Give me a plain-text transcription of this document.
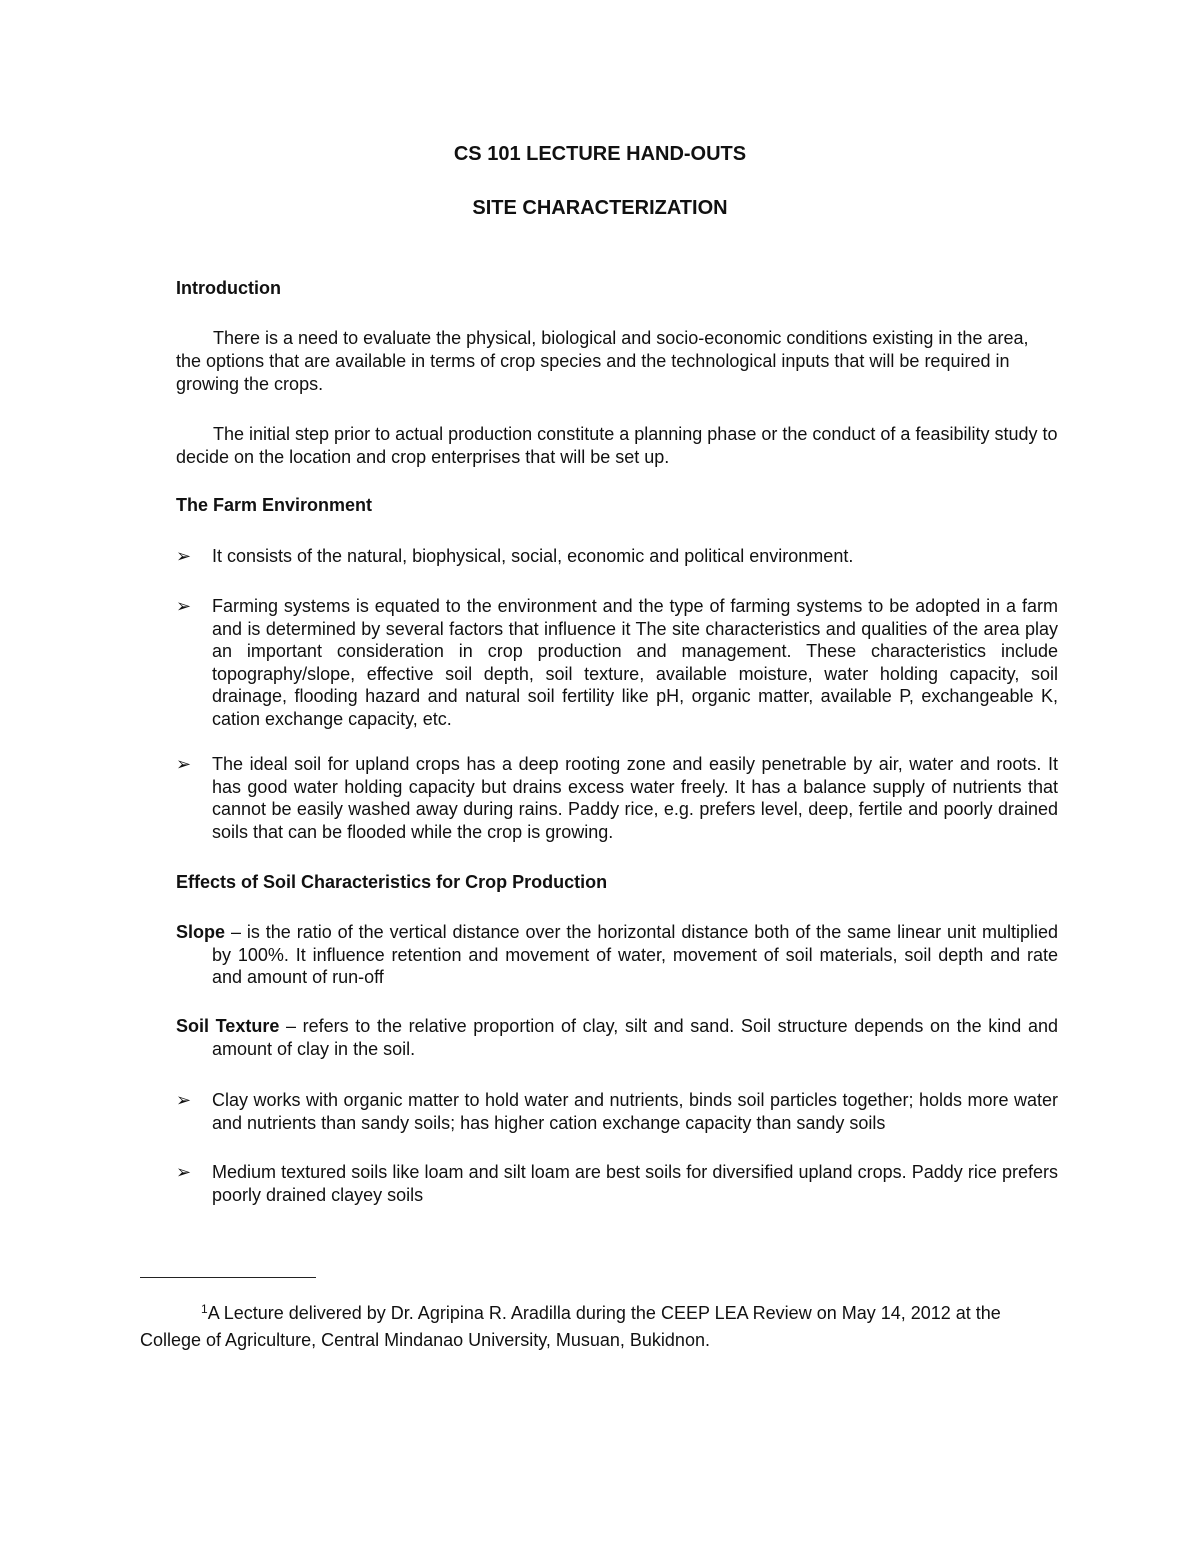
CS 101 LECTURE HAND-OUTS
SITE CHARACTERIZATION
Introduction

There is a need to evaluate the physical, biological and socio-economic conditions existing in the area, the options that are available in terms of crop species and the technological inputs that will be required in growing the crops.

The initial step prior to actual production constitute a planning phase or the conduct of a feasibility study to decide on the location and crop enterprises that will be set up.

The Farm Environment
➢ It consists of the natural, biophysical, social, economic and political environment.
➢ Farming systems is equated to the environment and the type of farming systems to be adopted in a farm and is determined by several factors that influence it The site characteristics and qualities of the area play an important consideration in crop production and management. These characteristics include topography/slope, effective soil depth, soil texture, available moisture, water holding capacity, soil drainage, flooding hazard and natural soil fertility like pH, organic matter, available P, exchangeable K, cation exchange capacity, etc.
➢ The ideal soil for upland crops has a deep rooting zone and easily penetrable by air, water and roots. It has good water holding capacity but drains excess water freely. It has a balance supply of nutrients that cannot be easily washed away during rains. Paddy rice, e.g. prefers level, deep, fertile and poorly drained soils that can be flooded while the crop is growing.
Effects of Soil Characteristics for Crop Production

Slope – is the ratio of the vertical distance over the horizontal distance both of the same linear unit multiplied by 100%. It influence retention and movement of water, movement of soil materials, soil depth and rate and amount of run-off

Soil Texture – refers to the relative proportion of clay, silt and sand. Soil structure depends on the kind and amount of clay in the soil.

➢ Clay works with organic matter to hold water and nutrients, binds soil particles together; holds more water and nutrients than sandy soils; has higher cation exchange capacity than sandy soils
➢ Medium textured soils like loam and silt loam are best soils for diversified upland crops. Paddy rice prefers poorly drained clayey soils

$^1$A Lecture delivered by Dr. Agripina R. Aradilla during the CEEP LEA Review on May 14, 2012 at the College of Agriculture, Central Mindanao University, Musuan, Bukidnon.
